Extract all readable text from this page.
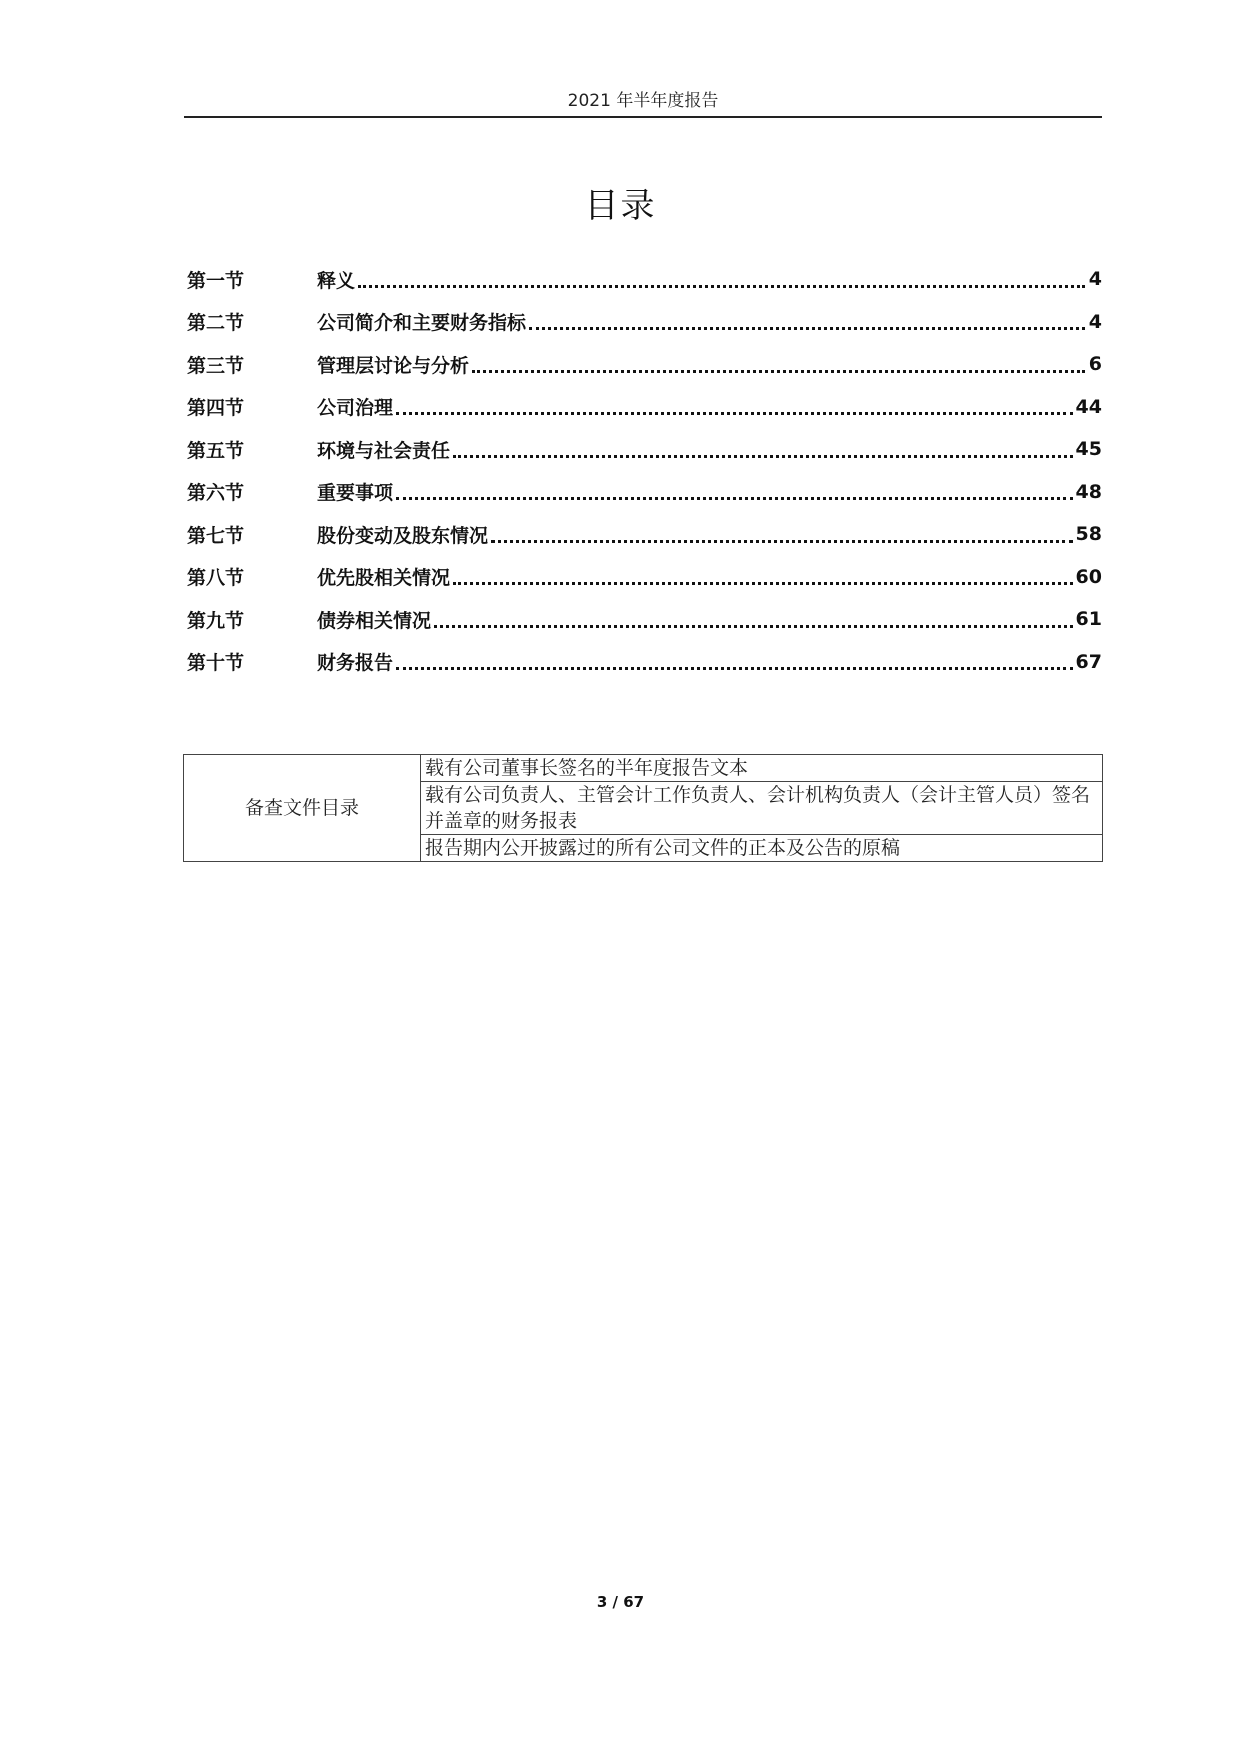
2021 年半年度报告
目录
第一节	释义	4
第二节	公司简介和主要财务指标	4
第三节	管理层讨论与分析	6
第四节	公司治理	44
第五节	环境与社会责任	45
第六节	重要事项	48
第七节	股份变动及股东情况	58
第八节	优先股相关情况	60
第九节	债券相关情况	61
第十节	财务报告	67
备查文件目录	载有公司董事长签名的半年度报告文本
载有公司负责人、主管会计工作负责人、会计机构负责人（会计主管人员）签名并盖章的财务报表
报告期内公开披露过的所有公司文件的正本及公告的原稿
3 / 67
